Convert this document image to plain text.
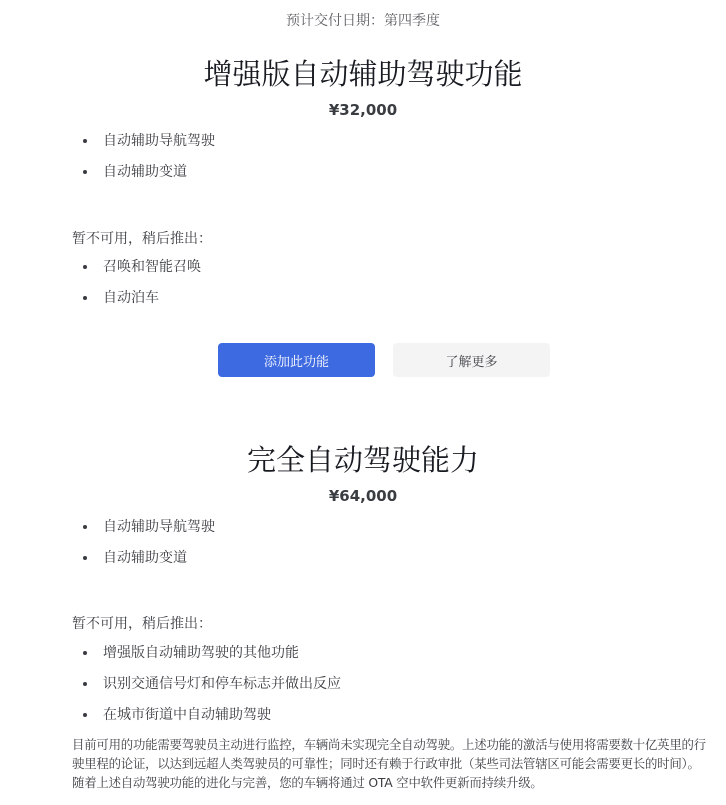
预计交付日期：第四季度
增强版自动辅助驾驶功能
¥32,000
自动辅助导航驾驶
自动辅助变道
暂不可用，稍后推出：
召唤和智能召唤
自动泊车
添加此功能	了解更多
完全自动驾驶能力
¥64,000
自动辅助导航驾驶
自动辅助变道
暂不可用，稍后推出：
增强版自动辅助驾驶的其他功能
识别交通信号灯和停车标志并做出反应
在城市街道中自动辅助驾驶
目前可用的功能需要驾驶员主动进行监控，车辆尚未实现完全自动驾驶。上述功能的激活与使用将需要数十亿英里的行驶里程的论证，以达到远超人类驾驶员的可靠性；同时还有赖于行政审批（某些司法管辖区可能会需要更长的时间）。随着上述自动驾驶功能的进化与完善，您的车辆将通过 OTA 空中软件更新而持续升级。
